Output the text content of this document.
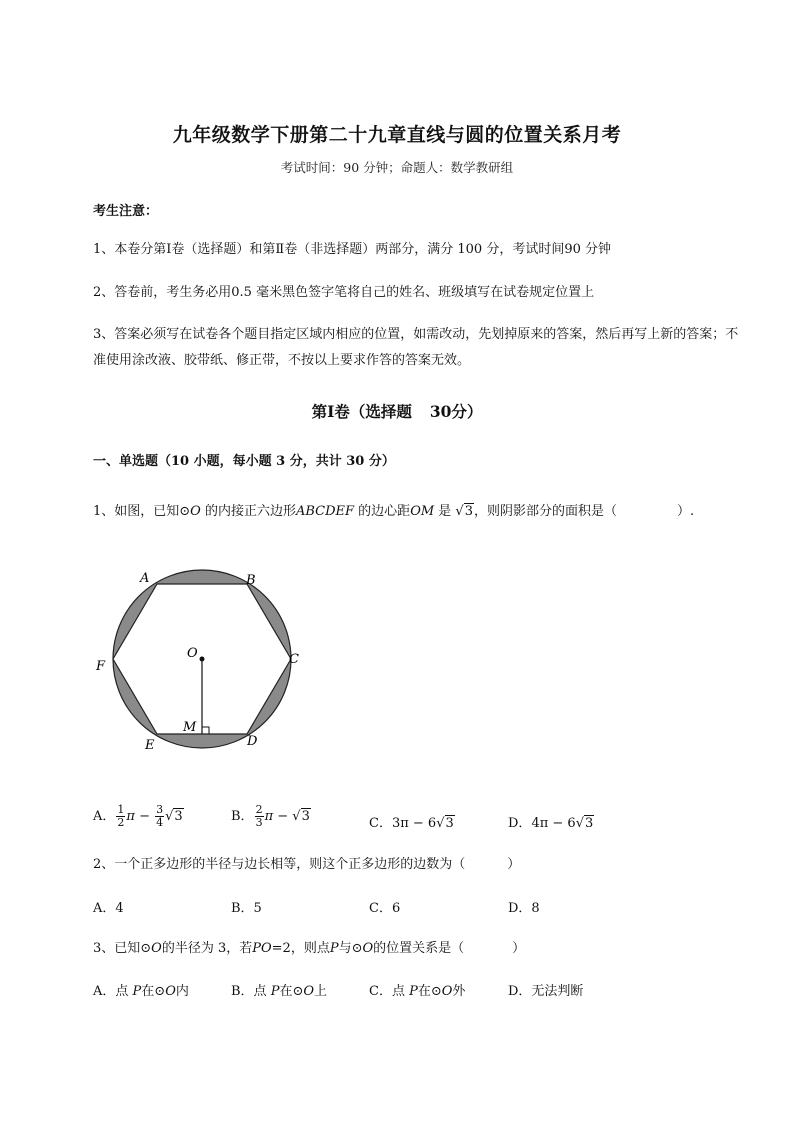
九年级数学下册第二十九章直线与圆的位置关系月考
考试时间：90 分钟；命题人：数学教研组
考生注意：
1、本卷分第Ⅰ卷（选择题）和第Ⅱ卷（非选择题）两部分，满分 100 分，考试时间90 分钟
2、答卷前，考生务必用0.5 毫米黑色签字笔将自己的姓名、班级填写在试卷规定位置上
3、答案必须写在试卷各个题目指定区域内相应的位置，如需改动，先划掉原来的答案，然后再写上新的答案；不准使用涂改液、胶带纸、修正带，不按以上要求作答的答案无效。
第Ⅰ卷（选择题 30分）
一、单选题（10 小题，每小题 3 分，共计 30 分）
1、如图，已知⊙O 的内接正六边形ABCDEF 的边心距OM 是 √3，则阴影部分的面积是（	）.
A	B
C
D
E
F
O
M
A． $\frac{1}{2}$ $\pi - \frac{3}{4} √3$	B． $\frac{2}{3}$ π − √3	C．3π − 6√3	D．4π − 6√3
2、一个正多边形的半径与边长相等，则这个正多边形的边数为（	）
A．4	B．5	C．6	D．8
3、已知⊙O的半径为 3，若PO=2，则点P与⊙O的位置关系是（	）
A．点 P在⊙O内	B．点 P在⊙O上	C．点 P在⊙O外	D．无法判断
